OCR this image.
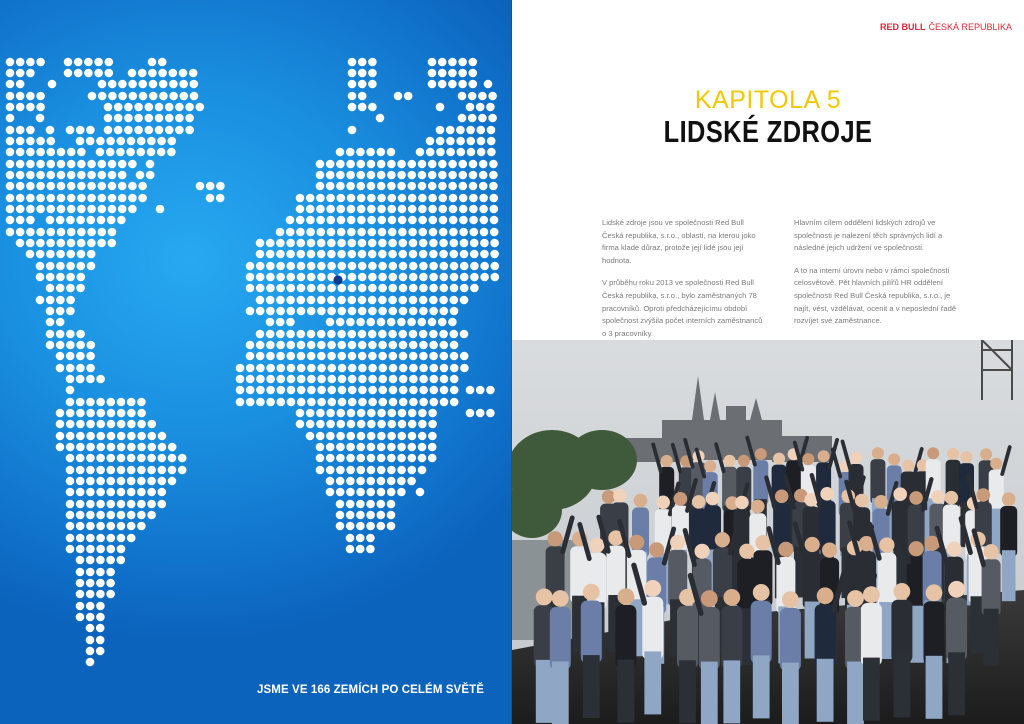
JSME VE 166 ZEMÍCH PO CELÉM SVĚTĚ
RED BULL ČESKÁ REPUBLIKA
KAPITOLA 5
LIDSKÉ ZDROJE

Lidské zdroje jsou ve společnosti Red Bull Česká republika, s.r.o., oblastí, na kterou joko firma klade důraz, protože její lidé jsou její hodnota.

V průběhu roku 2013 ve společnosti Red Bull Česká republika, s.r.o., bylo zaměstnaných 78 pracovníků. Oproti předcházejícímu období společnost zvýšila počet interních zaměstnanců o 3 pracovníky.

Hlavním cílem oddělení lidských zdrojů ve společnosti je nalezení těch správných lidí a následné jejich udržení ve společnosti.

A to na interní úrovni nebo v rámci společnosti celosvětově. Pět hlavních pilířů HR oddělení společnosti Red Bull Česká republika, s.r.o., je najít, vést, vzdělávat, ocenit a v neposlední řadě rozvíjet své zaměstnance.
